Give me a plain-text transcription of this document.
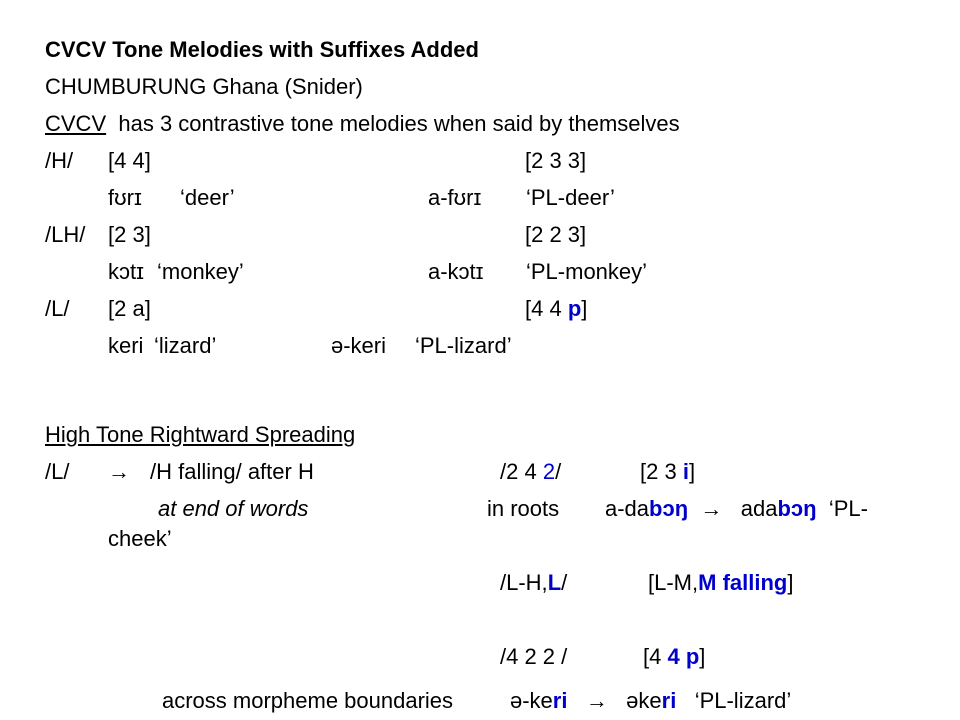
CVCV Tone Melodies with Suffixes Added
CHUMBURUNG Ghana (Snider)
CVCV has 3 contrastive tone melodies when said by themselves
/H/ [4 4]	[2 3 3]
fʊrɪ ‘deer’	a-fʊrɪ ‘PL-deer’
/LH/ [2 3]	[2 2 3]
kɔtɪ ‘monkey’	a-kɔtɪ ‘PL-monkey’
/L/ [2 a]	[4 4 p]
keri ‘lizard’	ə-keri ‘PL-lizard’
High Tone Rightward Spreading
/L/ → /H falling/ after H	/2 4 2/	[2 3 i]
at end of words	in roots a-dabɔŋ → adabɔŋ ‘PL-
cheek’
/L-H,L/	[L-M,M falling]
/4 2 2 /	[4 4 p]
across morpheme boundaries	ə-keri → əkeri ‘PL-lizard’
